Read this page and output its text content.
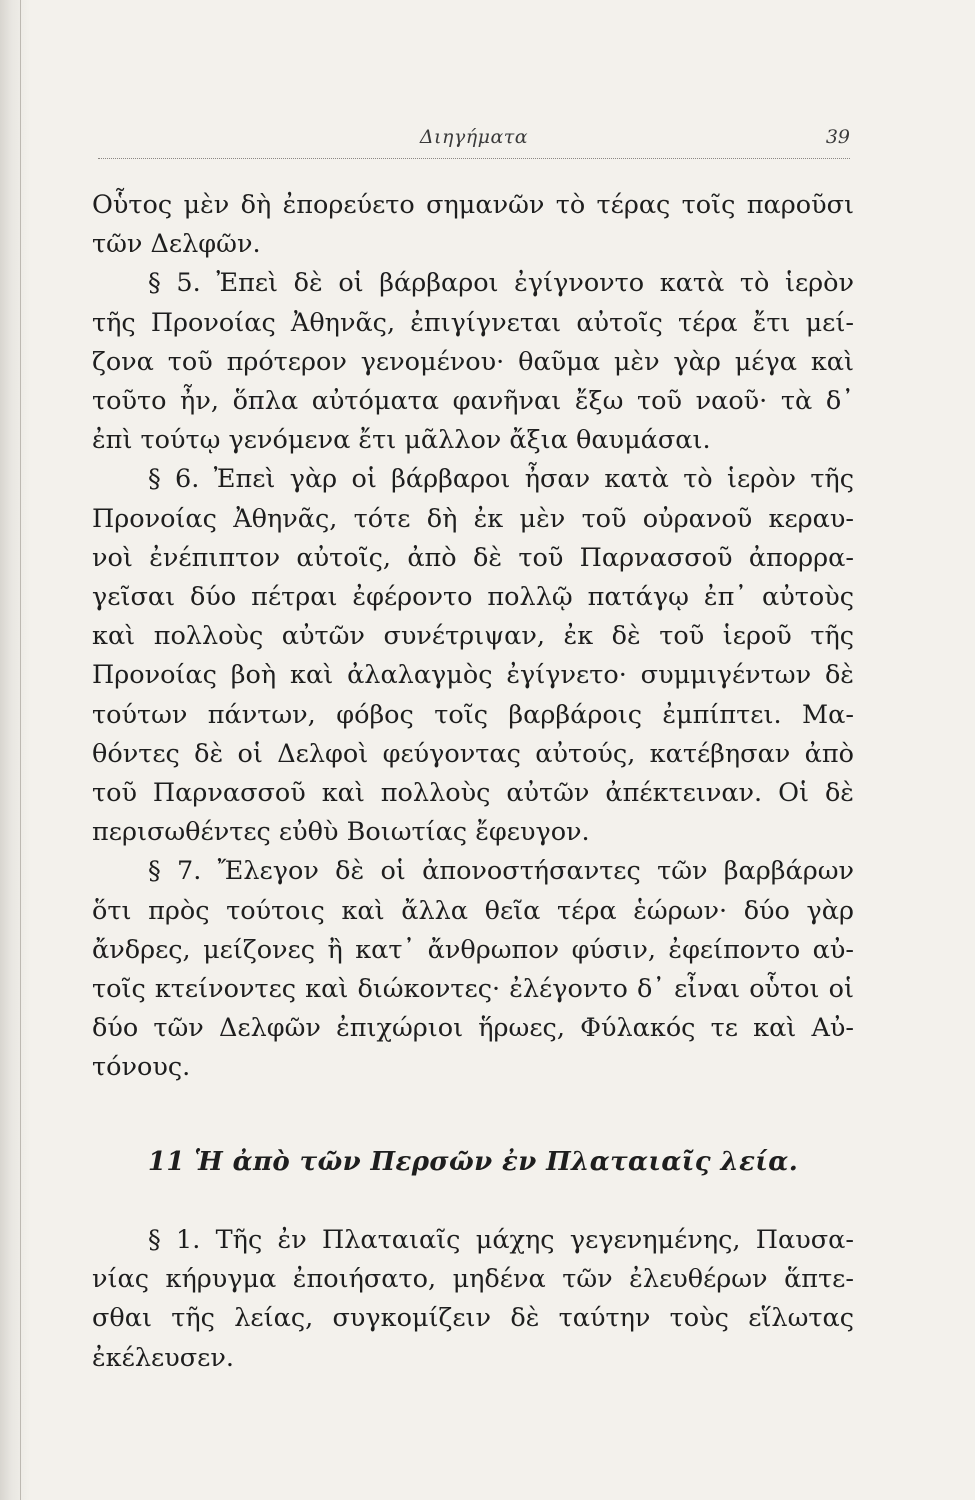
Διηγήματα	39
Οὗτος μὲν δὴ ἐπορεύετο σημανῶν τὸ τέρας τοῖς παροῦσι
τῶν Δελφῶν.
§ 5. Ἐπεὶ δὲ οἱ βάρβαροι ἐγίγνοντο κατὰ τὸ ἱερὸν
τῆς Προνοίας Ἀθηνᾶς, ἐπιγίγνεται αὐτοῖς τέρα ἔτι μεί-
ζονα τοῦ πρότερον γενομένου· θαῦμα μὲν γὰρ μέγα καὶ
τοῦτο ἦν, ὅπλα αὐτόματα φανῆναι ἔξω τοῦ ναοῦ· τὰ δ᾽
ἐπὶ τούτῳ γενόμενα ἔτι μᾶλλον ἄξια θαυμάσαι.
§ 6. Ἐπεὶ γὰρ οἱ βάρβαροι ἦσαν κατὰ τὸ ἱερὸν τῆς
Προνοίας Ἀθηνᾶς, τότε δὴ ἐκ μὲν τοῦ οὐρανοῦ κεραυ-
νοὶ ἐνέπιπτον αὐτοῖς, ἀπὸ δὲ τοῦ Παρνασσοῦ ἀπορρα-
γεῖσαι δύο πέτραι ἐφέροντο πολλῷ πατάγῳ ἐπ᾽ αὐτοὺς
καὶ πολλοὺς αὐτῶν συνέτριψαν, ἐκ δὲ τοῦ ἱεροῦ τῆς
Προνοίας βοὴ καὶ ἀλαλαγμὸς ἐγίγνετο· συμμιγέντων δὲ
τούτων πάντων, φόβος τοῖς βαρβάροις ἐμπίπτει. Μα-
θόντες δὲ οἱ Δελφοὶ φεύγοντας αὐτούς, κατέβησαν ἀπὸ
τοῦ Παρνασσοῦ καὶ πολλοὺς αὐτῶν ἀπέκτειναν. Οἱ δὲ
περισωθέντες εὐθὺ Βοιωτίας ἔφευγον.
§ 7. Ἔλεγον δὲ οἱ ἀπονοστήσαντες τῶν βαρβάρων
ὅτι πρὸς τούτοις καὶ ἄλλα θεῖα τέρα ἑώρων· δύο γὰρ
ἄνδρες, μείζονες ἢ κατ᾽ ἄνθρωπον φύσιν, ἐφείποντο αὐ-
τοῖς κτείνοντες καὶ διώκοντες· ἐλέγοντο δ᾽ εἶναι οὗτοι οἱ
δύο τῶν Δελφῶν ἐπιχώριοι ἥρωες, Φύλακός τε καὶ Αὐ-
τόνους.
11 Ἡ ἀπὸ τῶν Περσῶν ἐν Πλαταιαῖς λεία.
§ 1. Τῆς ἐν Πλαταιαῖς μάχης γεγενημένης, Παυσα-
νίας κήρυγμα ἐποιήσατο, μηδένα τῶν ἐλευθέρων ἅπτε-
σθαι τῆς λείας, συγκομίζειν δὲ ταύτην τοὺς εἵλωτας
ἐκέλευσεν.
